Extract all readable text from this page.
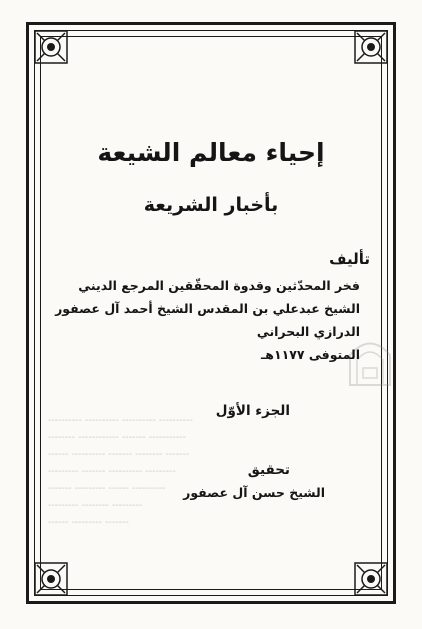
---------- ---------- ---------- ----------
-------- ------------ ------- -----------
------ ---------- ------- -------- -------
--------- ------- ---------- ---------
------- --------- ------ ----------
--------- -------- ---------
------ --------- -------
إحياء معالم الشيعة
بأخبار الشريعة
تأليف
فخر المحدّثين وقدوة المحقّقين المرجع الديني
الشيخ عبدعلي بن المقدس الشيخ أحمد آل عصفور
الدرازي البحراني
المتوفى ١١٧٧هـ
الجزء الأوّل
تحقيق
الشيخ حسن آل عصفور
